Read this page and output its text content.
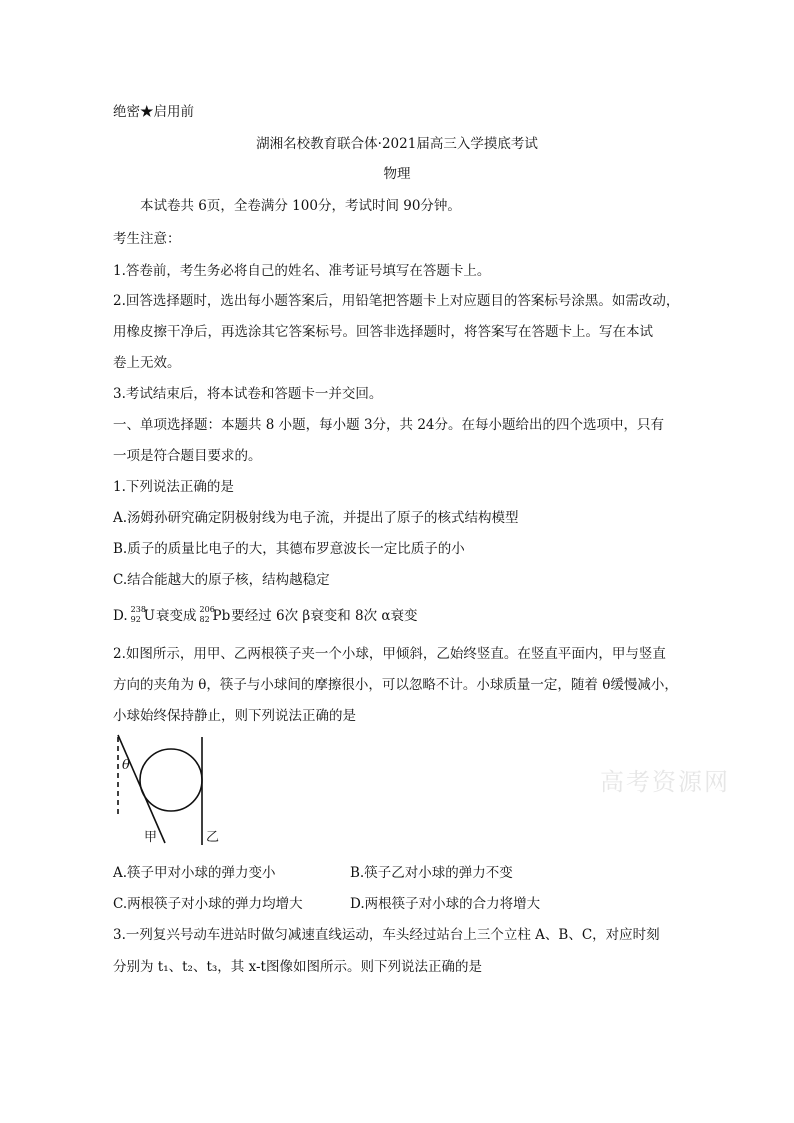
绝密★启用前
湖湘名校教育联合体·2021届高三入学摸底考试
物理
本试卷共 6页，全卷满分 100分，考试时间 90分钟。
考生注意：
1.答卷前，考生务必将自己的姓名、准考证号填写在答题卡上。
2.回答选择题时，选出每小题答案后，用铅笔把答题卡上对应题目的答案标号涂黑。如需改动，
用橡皮擦干净后，再选涂其它答案标号。回答非选择题时，将答案写在答题卡上。写在本试
卷上无效。
3.考试结束后，将本试卷和答题卡一并交回。
一、单项选择题：本题共 8 小题，每小题 3分，共 24分。在每小题给出的四个选项中，只有
一项是符合题目要求的。
1.下列说法正确的是
A.汤姆孙研究确定阴极射线为电子流，并提出了原子的核式结构模型
B.质子的质量比电子的大，其德布罗意波长一定比质子的小
C.结合能越大的原子核，结构越稳定
D. 238
92 U衰变成 206
82 Pb要经过 6次 β衰变和 8次 α衰变
2.如图所示，用甲、乙两根筷子夹一个小球，甲倾斜，乙始终竖直。在竖直平面内，甲与竖直
方向的夹角为 θ，筷子与小球间的摩擦很小，可以忽略不计。小球质量一定，随着 θ缓慢减小，
小球始终保持静止，则下列说法正确的是
θ
甲	乙
高考资源网
A.筷子甲对小球的弹力变小	B.筷子乙对小球的弹力不变
C.两根筷子对小球的弹力均增大	D.两根筷子对小球的合力将增大
3.一列复兴号动车进站时做匀减速直线运动，车头经过站台上三个立柱 A、B、C，对应时刻
分别为 t₁、t₂、t₃，其 x-t图像如图所示。则下列说法正确的是
